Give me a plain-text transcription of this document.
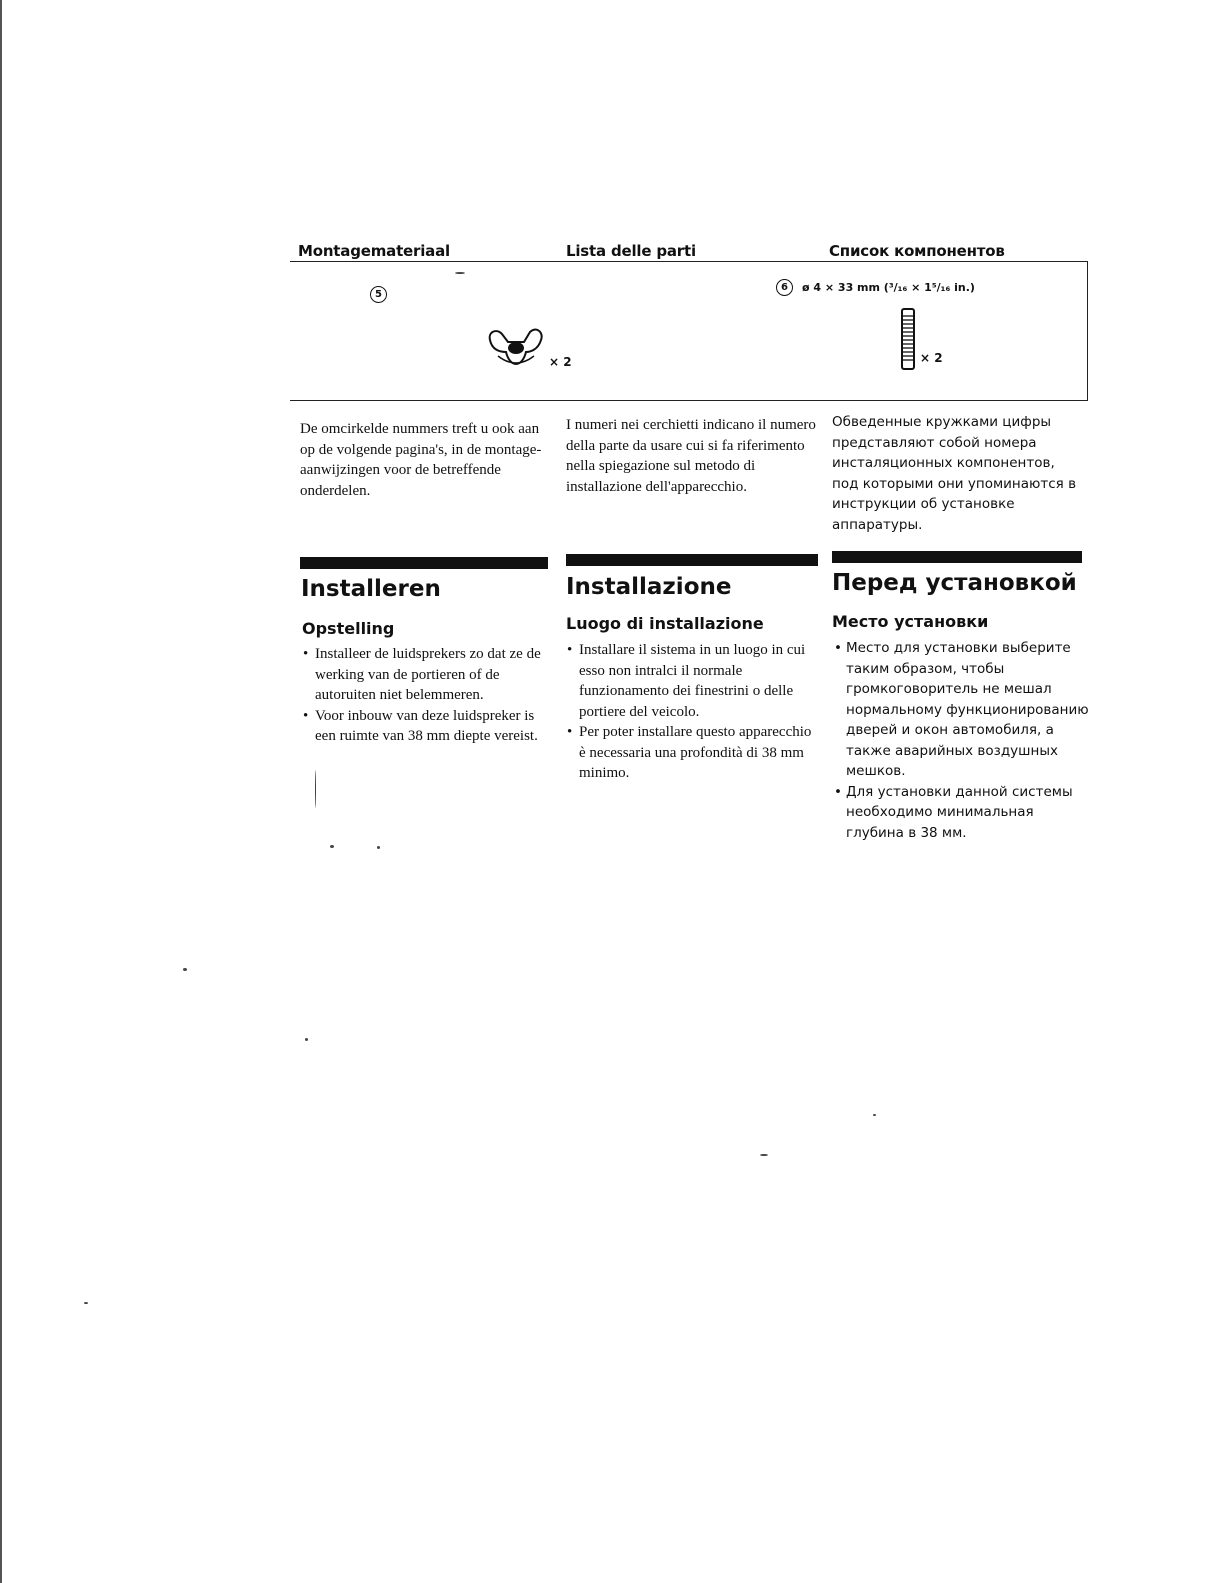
Montagemateriaal	Lista delle parti	Список компонентов
5
× 2
6	ø 4 × 33 mm (³/₁₆ × 1⁵/₁₆ in.)
× 2
De omcirkelde nummers treft u ook aan op de volgende pagina's, in de montage-aanwijzingen voor de betreffende onderdelen.
I numeri nei cerchietti indicano il numero della parte da usare cui si fa riferimento nella spiegazione sul metodo di installazione dell'apparecchio.
Обведенные кружками цифры представляют собой номера инсталяционных компонентов, под которыми они упоминаются в инструкции об установке аппаратуры.
Installeren	Installazione	Перед установкой
Opstelling	Luogo di installazione	Место установки
• Installeer de luidsprekers zo dat ze de werking van de portieren of de autoruiten niet belemmeren.
• Voor inbouw van deze luidspreker is een ruimte van 38 mm diepte vereist.
• Installare il sistema in un luogo in cui esso non intralci il normale funzionamento dei finestrini o delle portiere del veicolo.
• Per poter installare questo apparecchio è necessaria una profondità di 38 mm minimo.
• Место для установки выберите таким образом, чтобы громкоговоритель не мешал нормальному функционированию дверей и окон автомобиля, а также аварийных воздушных мешков.
• Для установки данной системы необходимо минимальная глубина в 38 мм.
